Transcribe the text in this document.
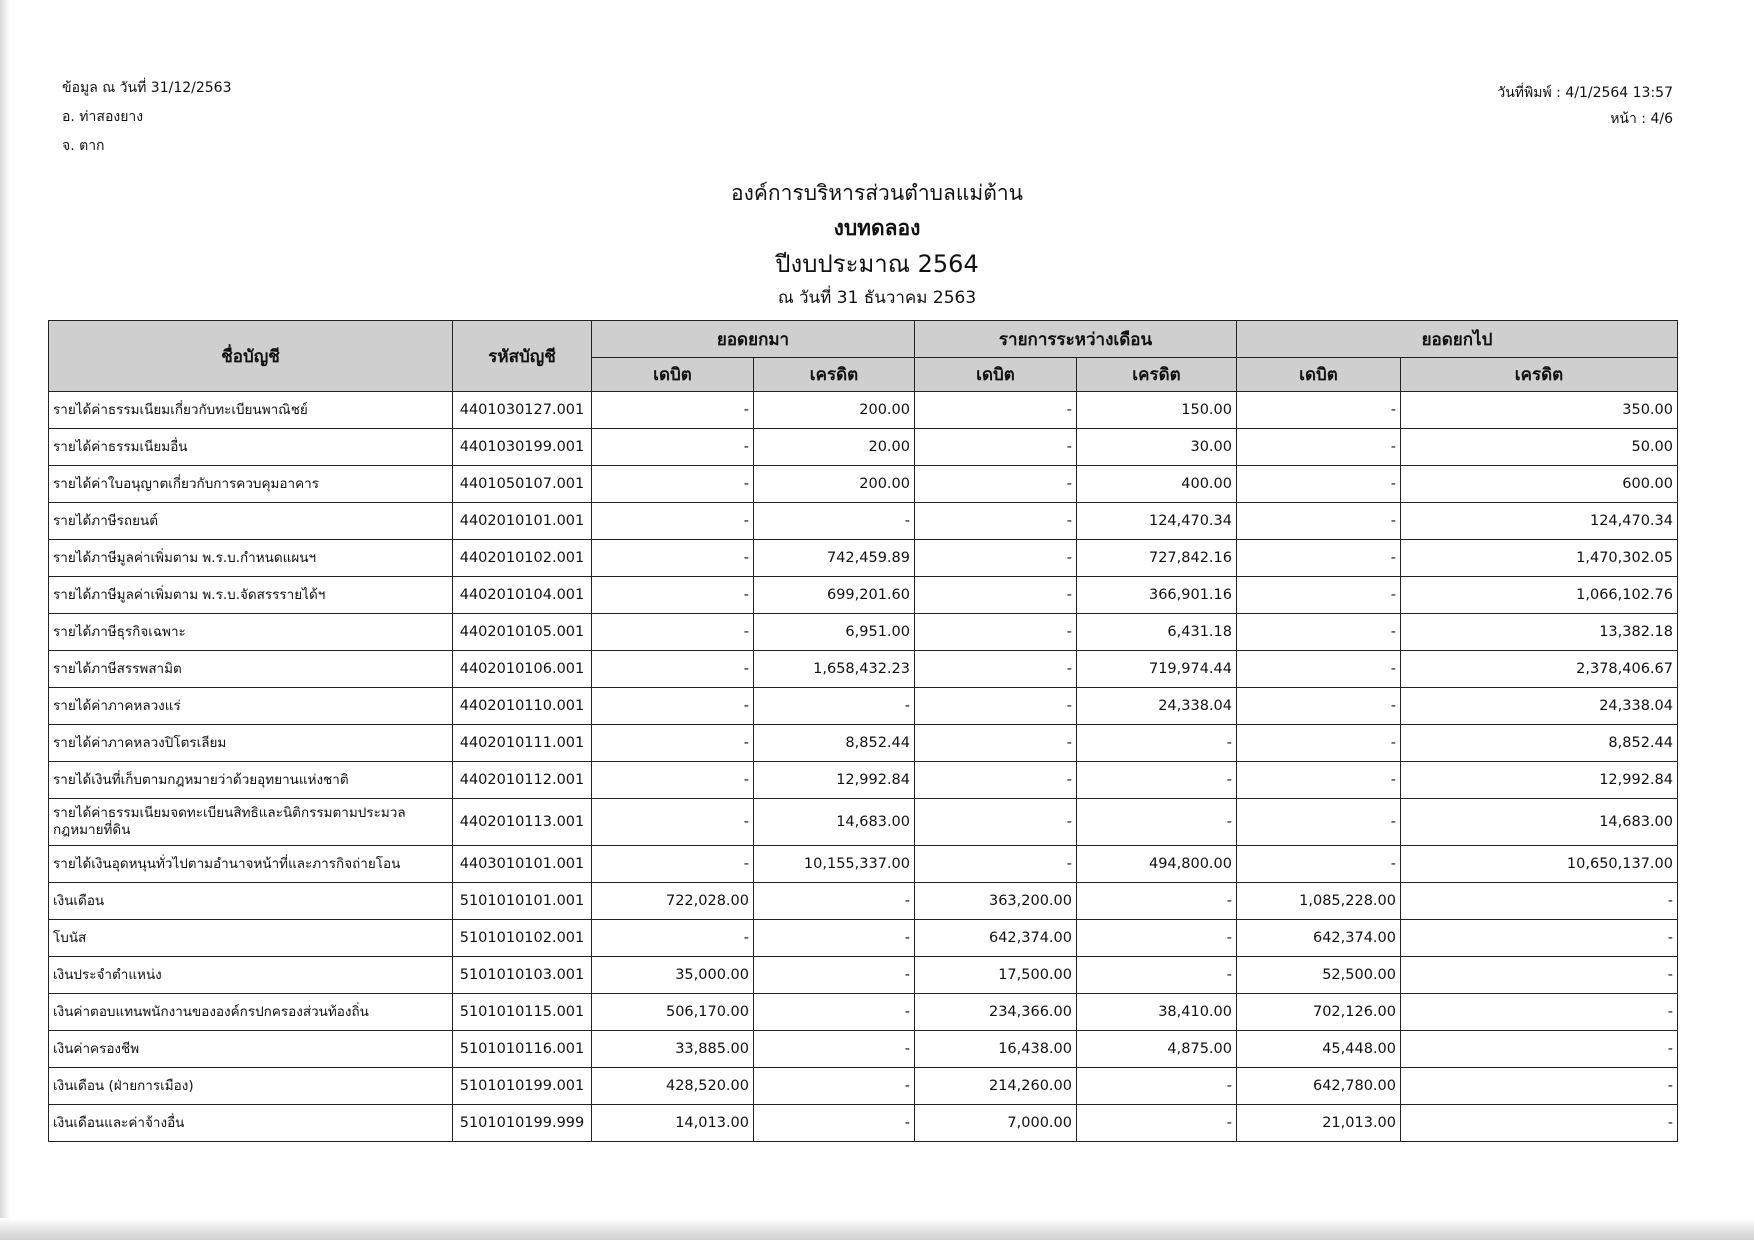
ข้อมูล ณ วันที่ 31/12/2563
อ. ท่าสองยาง
จ. ตาก
วันที่พิมพ์ : 4/1/2564 13:57
หน้า : 4/6
องค์การบริหารส่วนตำบลแม่ต้าน
งบทดลอง
ปีงบประมาณ 2564
ณ วันที่ 31 ธันวาคม 2563
ชื่อบัญชี	รหัสบัญชี	ยอดยกมา		รายการระหว่างเดือน		ยอดยกไป	
		เดบิต	เครดิต	เดบิต	เครดิต	เดบิต	เครดิต
รายได้ค่าธรรมเนียมเกี่ยวกับทะเบียนพาณิชย์	4401030127.001	-	200.00	-	150.00	-	350.00
รายได้ค่าธรรมเนียมอื่น	4401030199.001	-	20.00	-	30.00	-	50.00
รายได้ค่าใบอนุญาตเกี่ยวกับการควบคุมอาคาร	4401050107.001	-	200.00	-	400.00	-	600.00
รายได้ภาษีรถยนต์	4402010101.001	-	-	-	124,470.34	-	124,470.34
รายได้ภาษีมูลค่าเพิ่มตาม พ.ร.บ.กำหนดแผนฯ	4402010102.001	-	742,459.89	-	727,842.16	-	1,470,302.05
รายได้ภาษีมูลค่าเพิ่มตาม พ.ร.บ.จัดสรรรายได้ฯ	4402010104.001	-	699,201.60	-	366,901.16	-	1,066,102.76
รายได้ภาษีธุรกิจเฉพาะ	4402010105.001	-	6,951.00	-	6,431.18	-	13,382.18
รายได้ภาษีสรรพสามิต	4402010106.001	-	1,658,432.23	-	719,974.44	-	2,378,406.67
รายได้ค่าภาคหลวงแร่	4402010110.001	-	-	-	24,338.04	-	24,338.04
รายได้ค่าภาคหลวงปิโตรเลียม	4402010111.001	-	8,852.44	-	-	-	8,852.44
รายได้เงินที่เก็บตามกฎหมายว่าด้วยอุทยานแห่งชาติ	4402010112.001	-	12,992.84	-	-	-	12,992.84
รายได้ค่าธรรมเนียมจดทะเบียนสิทธิและนิติกรรมตามประมวลกฎหมายที่ดิน	4402010113.001	-	14,683.00	-	-	-	14,683.00
รายได้เงินอุดหนุนทั่วไปตามอำนาจหน้าที่และภารกิจถ่ายโอน	4403010101.001	-	10,155,337.00	-	494,800.00	-	10,650,137.00
เงินเดือน	5101010101.001	722,028.00	-	363,200.00	-	1,085,228.00	-
โบนัส	5101010102.001	-	-	642,374.00	-	642,374.00	-
เงินประจำตำแหน่ง	5101010103.001	35,000.00	-	17,500.00	-	52,500.00	-
เงินค่าตอบแทนพนักงานขององค์กรปกครองส่วนท้องถิ่น	5101010115.001	506,170.00	-	234,366.00	38,410.00	702,126.00	-
เงินค่าครองชีพ	5101010116.001	33,885.00	-	16,438.00	4,875.00	45,448.00	-
เงินเดือน (ฝ่ายการเมือง)	5101010199.001	428,520.00	-	214,260.00	-	642,780.00	-
เงินเดือนและค่าจ้างอื่น	5101010199.999	14,013.00	-	7,000.00	-	21,013.00	-
